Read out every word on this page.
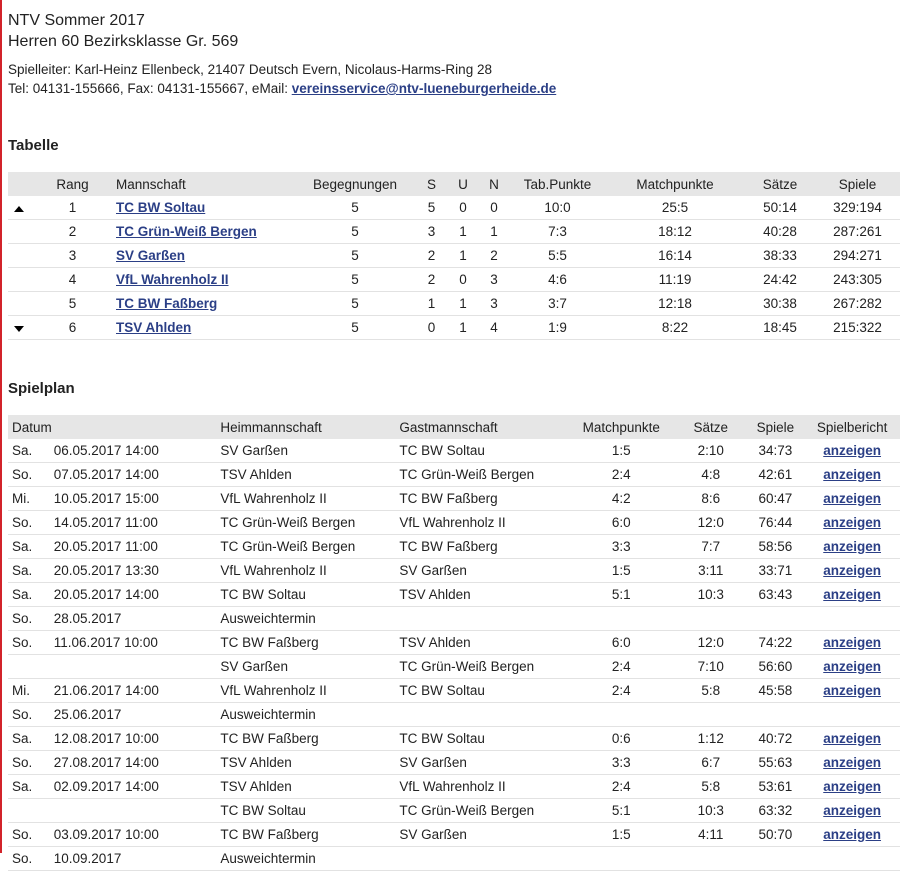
NTV Sommer 2017
Herren 60 Bezirksklasse Gr. 569
Spielleiter: Karl-Heinz Ellenbeck, 21407 Deutsch Evern, Nicolaus-Harms-Ring 28
Tel: 04131-155666, Fax: 04131-155667, eMail: vereinsservice@ntv-lueneburgerheide.de
Tabelle
	Rang	Mannschaft	Begegnungen	S	U	N	Tab.Punkte	Matchpunkte	Sätze	Spiele
	1	TC BW Soltau	5	5	0	0	10:0	25:5	50:14	329:194
	2	TC Grün-Weiß Bergen	5	3	1	1	7:3	18:12	40:28	287:261
	3	SV Garßen	5	2	1	2	5:5	16:14	38:33	294:271
	4	VfL Wahrenholz II	5	2	0	3	4:6	11:19	24:42	243:305
	5	TC BW Faßberg	5	1	1	3	3:7	12:18	30:38	267:282
	6	TSV Ahlden	5	0	1	4	1:9	8:22	18:45	215:322
Spielplan
Datum		Heimmannschaft	Gastmannschaft	Matchpunkte	Sätze	Spiele	Spielbericht
Sa.	06.05.2017 14:00	SV Garßen	TC BW Soltau	1:5	2:10	34:73	anzeigen
So.	07.05.2017 14:00	TSV Ahlden	TC Grün-Weiß Bergen	2:4	4:8	42:61	anzeigen
Mi.	10.05.2017 15:00	VfL Wahrenholz II	TC BW Faßberg	4:2	8:6	60:47	anzeigen
So.	14.05.2017 11:00	TC Grün-Weiß Bergen	VfL Wahrenholz II	6:0	12:0	76:44	anzeigen
Sa.	20.05.2017 11:00	TC Grün-Weiß Bergen	TC BW Faßberg	3:3	7:7	58:56	anzeigen
Sa.	20.05.2017 13:30	VfL Wahrenholz II	SV Garßen	1:5	3:11	33:71	anzeigen
Sa.	20.05.2017 14:00	TC BW Soltau	TSV Ahlden	5:1	10:3	63:43	anzeigen
So.	28.05.2017	Ausweichtermin					
So.	11.06.2017 10:00	TC BW Faßberg	TSV Ahlden	6:0	12:0	74:22	anzeigen
		SV Garßen	TC Grün-Weiß Bergen	2:4	7:10	56:60	anzeigen
Mi.	21.06.2017 14:00	VfL Wahrenholz II	TC BW Soltau	2:4	5:8	45:58	anzeigen
So.	25.06.2017	Ausweichtermin					
Sa.	12.08.2017 10:00	TC BW Faßberg	TC BW Soltau	0:6	1:12	40:72	anzeigen
So.	27.08.2017 14:00	TSV Ahlden	SV Garßen	3:3	6:7	55:63	anzeigen
Sa.	02.09.2017 14:00	TSV Ahlden	VfL Wahrenholz II	2:4	5:8	53:61	anzeigen
		TC BW Soltau	TC Grün-Weiß Bergen	5:1	10:3	63:32	anzeigen
So.	03.09.2017 10:00	TC BW Faßberg	SV Garßen	1:5	4:11	50:70	anzeigen
So.	10.09.2017	Ausweichtermin					
